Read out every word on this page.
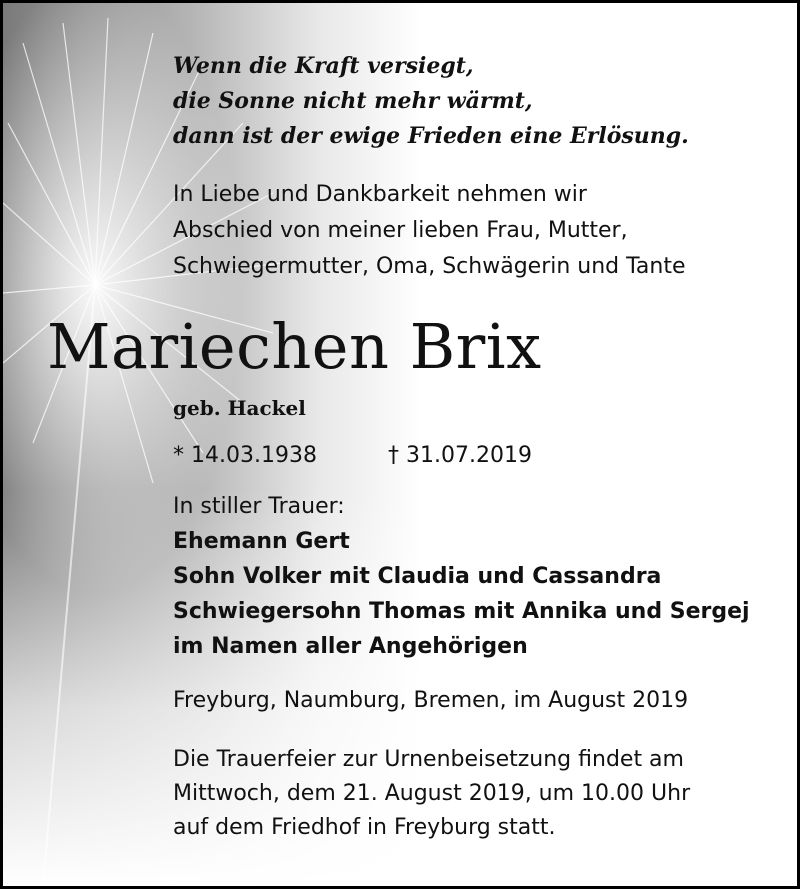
Wenn die Kraft versiegt,
die Sonne nicht mehr wärmt,
dann ist der ewige Frieden eine Erlösung.
In Liebe und Dankbarkeit nehmen wir
Abschied von meiner lieben Frau, Mutter,
Schwiegermutter, Oma, Schwägerin und Tante
Mariechen Brix
geb. Hackel
* 14.03.1938	† 31.07.2019
In stiller Trauer:
Ehemann Gert
Sohn Volker mit Claudia und Cassandra
Schwiegersohn Thomas mit Annika und Sergej
im Namen aller Angehörigen
Freyburg, Naumburg, Bremen, im August 2019
Die Trauerfeier zur Urnenbeisetzung findet am
Mittwoch, dem 21. August 2019, um 10.00 Uhr
auf dem Friedhof in Freyburg statt.
